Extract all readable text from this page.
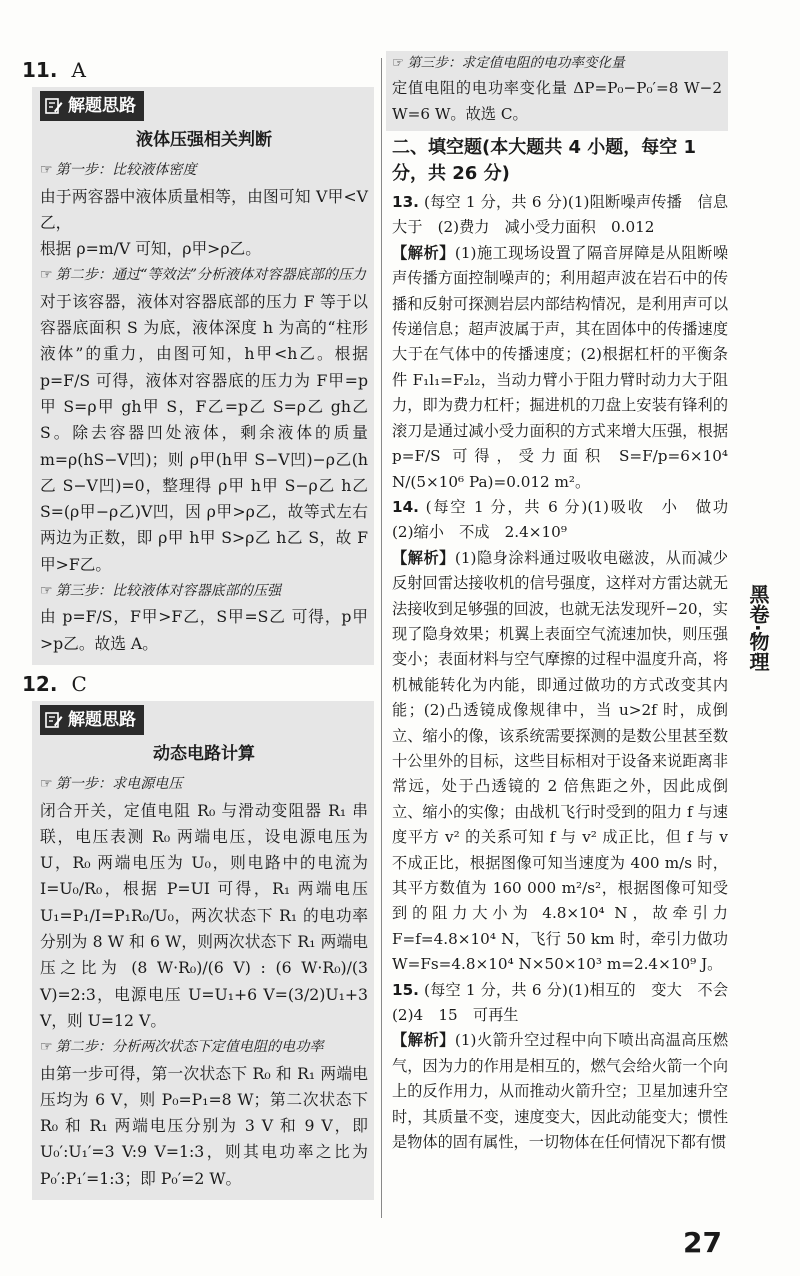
11. A
解题思路
液体压强相关判断
☞ 第一步：比较液体密度
由于两容器中液体质量相等，由图可知 V甲<V乙，
根据 ρ=m/V 可知，ρ甲>ρ乙。
☞ 第二步：通过“等效法”分析液体对容器底部的压力
对于该容器，液体对容器底部的压力 F 等于以容器底面积 S 为底，液体深度 h 为高的“柱形液体”的重力，由图可知，h甲<h乙。根据 p=F/S 可得，液体对容器底的压力为 F甲=p甲 S=ρ甲 gh甲 S，F乙=p乙 S=ρ乙 gh乙 S。除去容器凹处液体，剩余液体的质量 m=ρ(hS−V凹)；则 ρ甲(h甲 S−V凹)−ρ乙(h乙 S−V凹)=0，整理得 ρ甲 h甲 S−ρ乙 h乙 S=(ρ甲−ρ乙)V凹，因 ρ甲>ρ乙，故等式左右两边为正数，即 ρ甲 h甲 S>ρ乙 h乙 S，故 F甲>F乙。
☞ 第三步：比较液体对容器底部的压强
由 p=F/S，F甲>F乙，S甲=S乙 可得，p甲>p乙。故选 A。
12. C
解题思路
动态电路计算
☞ 第一步：求电源电压
闭合开关，定值电阻 R₀ 与滑动变阻器 R₁ 串联，电压表测 R₀ 两端电压，设电源电压为 U，R₀ 两端电压为 U₀，则电路中的电流为 I=U₀/R₀，根据 P=UI 可得，R₁ 两端电压 U₁=P₁/I=P₁R₀/U₀，两次状态下 R₁ 的电功率分别为 8 W 和 6 W，则两次状态下 R₁ 两端电压之比为 (8 W·R₀)/(6 V) : (6 W·R₀)/(3 V)=2:3，电源电压 U=U₁+6 V=(3/2)U₁+3 V，则 U=12 V。
☞ 第二步：分析两次状态下定值电阻的电功率
由第一步可得，第一次状态下 R₀ 和 R₁ 两端电压均为 6 V，则 P₀=P₁=8 W；第二次状态下 R₀ 和 R₁ 两端电压分别为 3 V 和 9 V，即 U₀′:U₁′=3 V:9 V=1:3，则其电功率之比为 P₀′:P₁′=1:3；即 P₀′=2 W。
☞ 第三步：求定值电阻的电功率变化量
定值电阻的电功率变化量 ΔP=P₀−P₀′=8 W−2 W=6 W。故选 C。
二、填空题(本大题共 4 小题，每空 1 分，共 26 分)
13. (每空 1 分，共 6 分)(1)阻断噪声传播　信息　大于　(2)费力　减小受力面积　0.012
【解析】(1)施工现场设置了隔音屏障是从阻断噪声传播方面控制噪声的；利用超声波在岩石中的传播和反射可探测岩层内部结构情况，是利用声可以传递信息；超声波属于声，其在固体中的传播速度大于在气体中的传播速度；(2)根据杠杆的平衡条件 F₁l₁=F₂l₂，当动力臂小于阻力臂时动力大于阻力，即为费力杠杆；掘进机的刀盘上安装有锋利的滚刀是通过减小受力面积的方式来增大压强，根据 p=F/S 可得，受力面积 S=F/p=6×10⁴ N/(5×10⁶ Pa)=0.012 m²。
14. (每空 1 分，共 6 分)(1)吸收　小　做功　(2)缩小　不成　2.4×10⁹
【解析】(1)隐身涂料通过吸收电磁波，从而减少反射回雷达接收机的信号强度，这样对方雷达就无法接收到足够强的回波，也就无法发现歼−20，实现了隐身效果；机翼上表面空气流速加快，则压强变小；表面材料与空气摩擦的过程中温度升高，将机械能转化为内能，即通过做功的方式改变其内能；(2)凸透镜成像规律中，当 u>2f 时，成倒立、缩小的像，该系统需要探测的是数公里甚至数十公里外的目标，这些目标相对于设备来说距离非常远，处于凸透镜的 2 倍焦距之外，因此成倒立、缩小的实像；由战机飞行时受到的阻力 f 与速度平方 v² 的关系可知 f 与 v² 成正比，但 f 与 v 不成正比，根据图像可知当速度为 400 m/s 时，其平方数值为 160 000 m²/s²，根据图像可知受到的阻力大小为 4.8×10⁴ N，故牵引力 F=f=4.8×10⁴ N，飞行 50 km 时，牵引力做功 W=Fs=4.8×10⁴ N×50×10³ m=2.4×10⁹ J。
15. (每空 1 分，共 6 分)(1)相互的　变大　不会　(2)4　15　可再生
【解析】(1)火箭升空过程中向下喷出高温高压燃气，因为力的作用是相互的，燃气会给火箭一个向上的反作用力，从而推动火箭升空；卫星加速升空时，其质量不变，速度变大，因此动能变大；惯性是物体的固有属性，一切物体在任何情况下都有惯
黑卷·物理
27
